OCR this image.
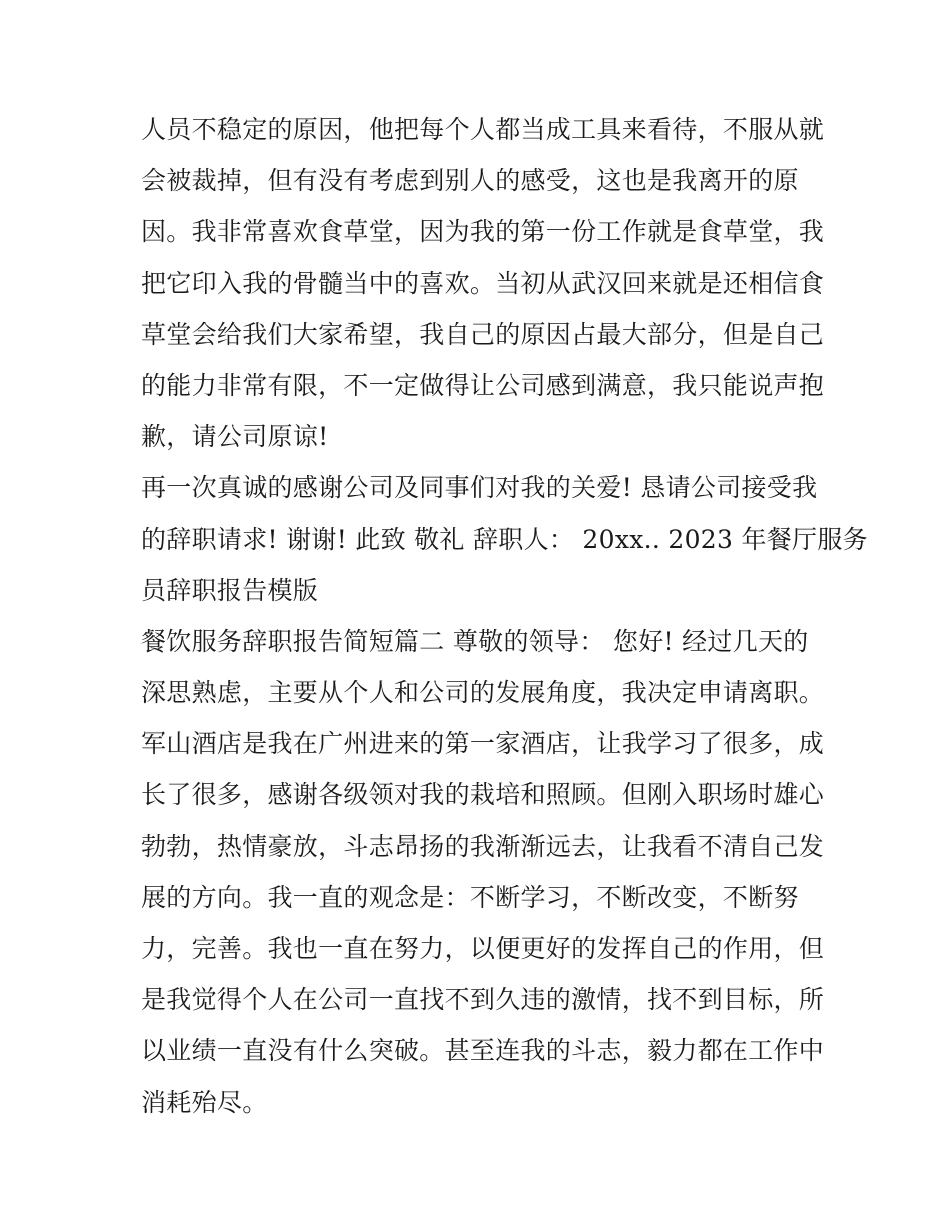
人员不稳定的原因，他把每个人都当成工具来看待，不服从就
会被裁掉，但有没有考虑到别人的感受，这也是我离开的原
因。我非常喜欢食草堂，因为我的第一份工作就是食草堂，我
把它印入我的骨髓当中的喜欢。当初从武汉回来就是还相信食
草堂会给我们大家希望，我自己的原因占最大部分，但是自己
的能力非常有限，不一定做得让公司感到满意，我只能说声抱
歉，请公司原谅!
再一次真诚的感谢公司及同事们对我的关爱! 恳请公司接受我
的辞职请求! 谢谢! 此致 敬礼 辞职人： 20xx.. 2023 年餐厅服务
员辞职报告模版
餐饮服务辞职报告简短篇二 尊敬的领导： 您好! 经过几天的
深思熟虑，主要从个人和公司的发展角度，我决定申请离职。
军山酒店是我在广州进来的第一家酒店，让我学习了很多，成
长了很多，感谢各级领对我的栽培和照顾。但刚入职场时雄心
勃勃，热情豪放，斗志昂扬的我渐渐远去，让我看不清自己发
展的方向。我一直的观念是：不断学习，不断改变，不断努
力，完善。我也一直在努力，以便更好的发挥自己的作用，但
是我觉得个人在公司一直找不到久违的激情，找不到目标，所
以业绩一直没有什么突破。甚至连我的斗志，毅力都在工作中
消耗殆尽。
